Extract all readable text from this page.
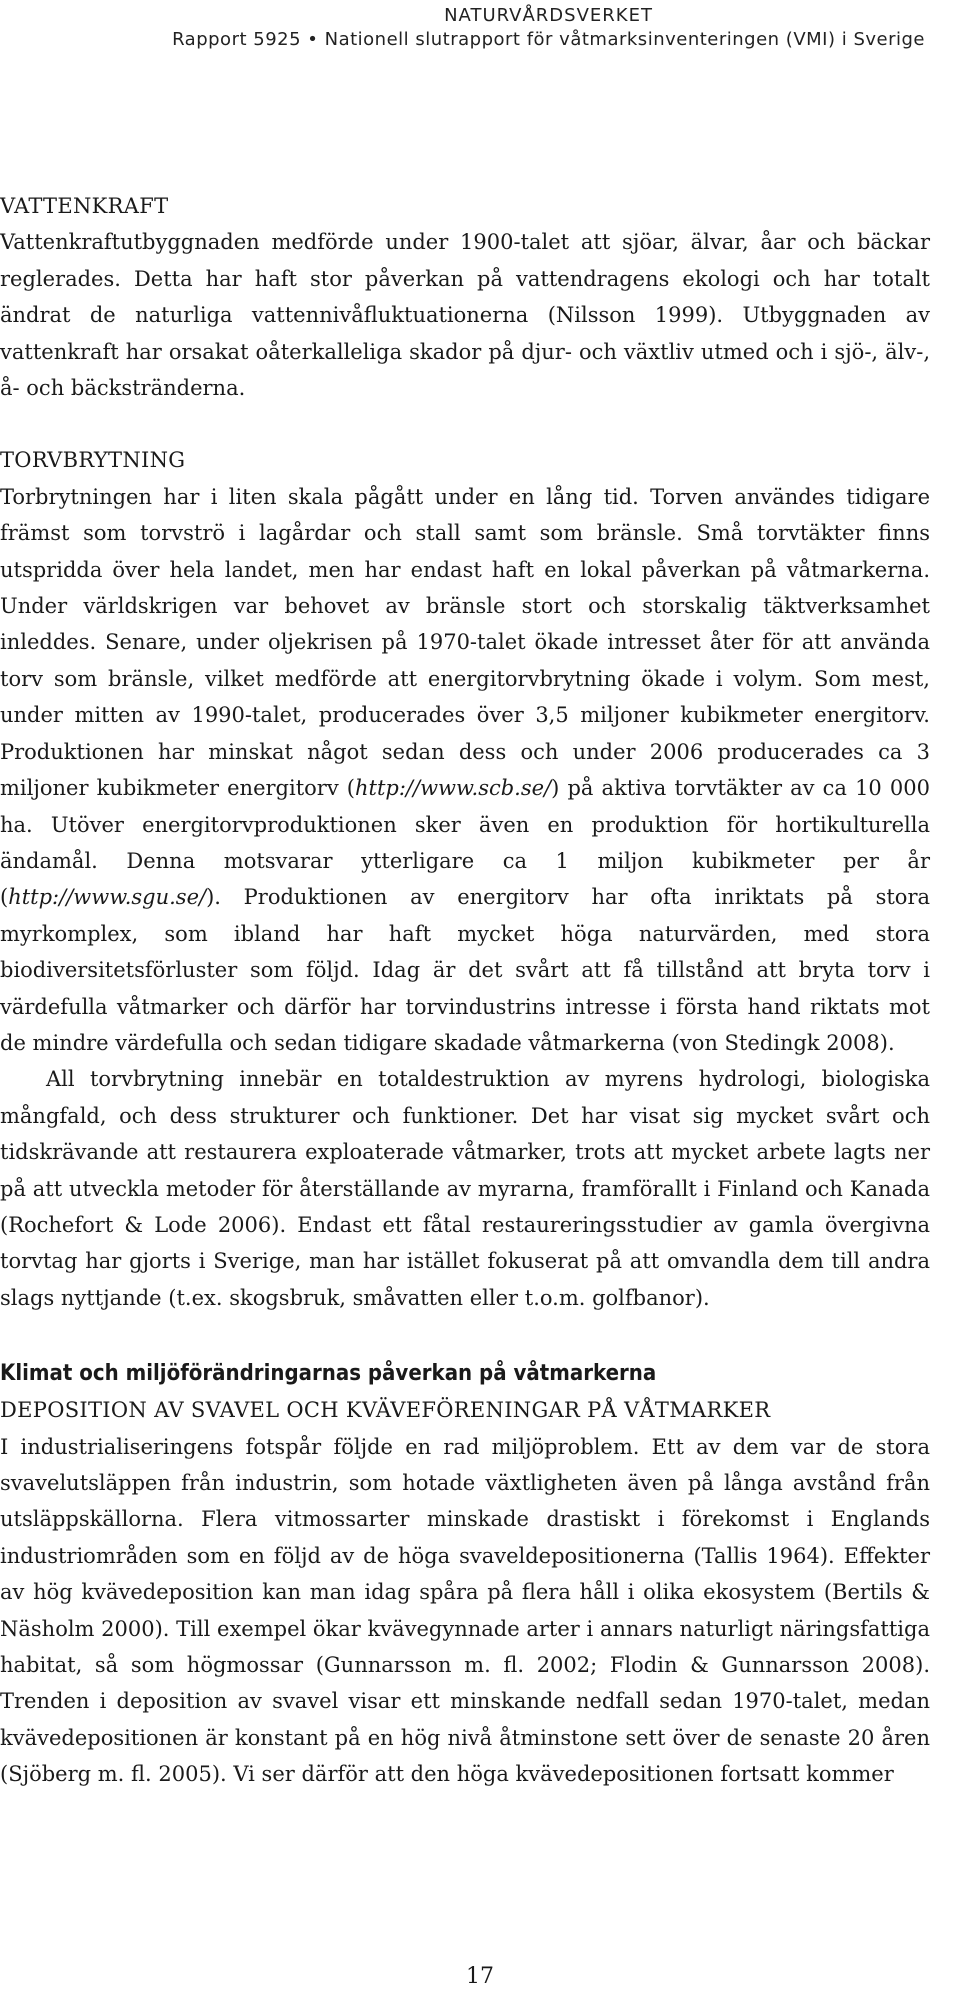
NATURVÅRDSVERKET
Rapport 5925 • Nationell slutrapport för våtmarksinventeringen (VMI) i Sverige
VATTENKRAFT

Vattenkraftutbyggnaden medförde under 1900-talet att sjöar, älvar, åar och bäckar reglerades. Detta har haft stor påverkan på vattendragens ekologi och har totalt ändrat de naturliga vattennivåfluktuationerna (Nilsson 1999). Utbyggnaden av vattenkraft har orsakat oåterkalleliga skador på djur- och växtliv utmed och i sjö-, älv-, å- och bäckstränderna.

TORVBRYTNING

Torbrytningen har i liten skala pågått under en lång tid. Torven användes tidigare främst som torvströ i lagårdar och stall samt som bränsle. Små torvtäkter finns utspridda över hela landet, men har endast haft en lokal påverkan på våtmarkerna. Under världskrigen var behovet av bränsle stort och storskalig täktverksamhet inleddes. Senare, under oljekrisen på 1970-talet ökade intresset åter för att använda torv som bränsle, vilket medförde att energitorvbrytning ökade i volym. Som mest, under mitten av 1990-talet, producerades över 3,5 miljoner kubikmeter energitorv. Produktionen har minskat något sedan dess och under 2006 producerades ca 3 miljoner kubikmeter energitorv (http://www.scb.se/) på aktiva torvtäkter av ca 10 000 ha. Utöver energitorvproduktionen sker även en produktion för hortikulturella ändamål. Denna motsvarar ytterligare ca 1 miljon kubikmeter per år (http://www.sgu.se/). Produktionen av energitorv har ofta inriktats på stora myrkomplex, som ibland har haft mycket höga naturvärden, med stora biodiversitetsförluster som följd. Idag är det svårt att få tillstånd att bryta torv i värdefulla våtmarker och därför har torvindustrins intresse i första hand riktats mot de mindre värdefulla och sedan tidigare skadade våtmarkerna (von Stedingk 2008).

All torvbrytning innebär en totaldestruktion av myrens hydrologi, biologiska mångfald, och dess strukturer och funktioner. Det har visat sig mycket svårt och tidskrävande att restaurera exploaterade våtmarker, trots att mycket arbete lagts ner på att utveckla metoder för återställande av myrarna, framförallt i Finland och Kanada (Rochefort & Lode 2006). Endast ett fåtal restaureringsstudier av gamla övergivna torvtag har gjorts i Sverige, man har istället fokuserat på att omvandla dem till andra slags nyttjande (t.ex. skogsbruk, småvatten eller t.o.m. golfbanor).

Klimat och miljöförändringarnas påverkan på våtmarkerna
DEPOSITION AV SVAVEL OCH KVÄVEFÖRENINGAR PÅ VÅTMARKER

I industrialiseringens fotspår följde en rad miljöproblem. Ett av dem var de stora svavelutsläppen från industrin, som hotade växtligheten även på långa avstånd från utsläppskällorna. Flera vitmossarter minskade drastiskt i förekomst i Englands industriområden som en följd av de höga svaveldepositionerna (Tallis 1964). Effekter av hög kvävedeposition kan man idag spåra på flera håll i olika ekosystem (Bertils & Näsholm 2000). Till exempel ökar kvävegynnade arter i annars naturligt näringsfattiga habitat, så som högmossar (Gunnarsson m. fl. 2002; Flodin & Gunnarsson 2008). Trenden i deposition av svavel visar ett minskande nedfall sedan 1970-talet, medan kvävedepositionen är konstant på en hög nivå åtminstone sett över de senaste 20 åren (Sjöberg m. fl. 2005). Vi ser därför att den höga kvävedepositionen fortsatt kommer

17
